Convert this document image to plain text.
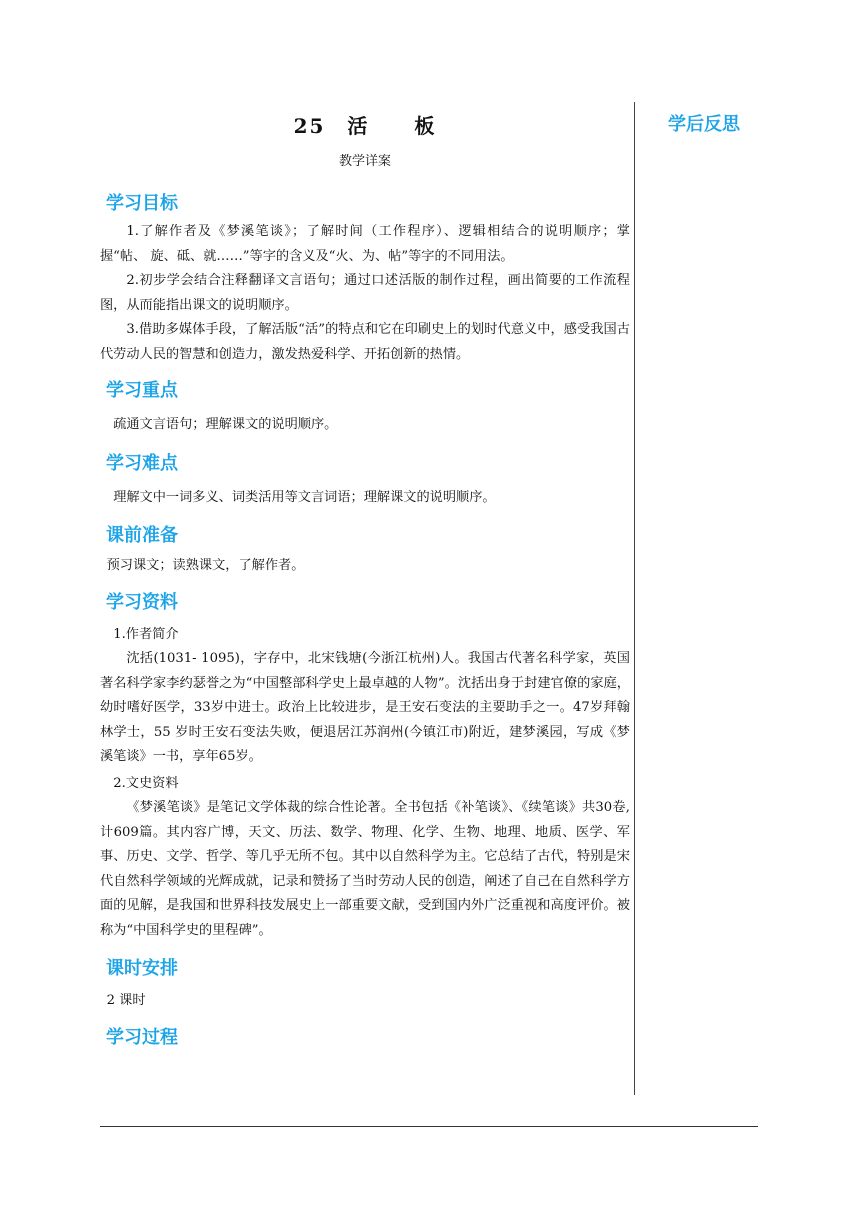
学后反思
25　活　 板

教学详案

学习目标

1.了解作者及《梦溪笔谈》；了解时间（工作程序）、逻辑相结合的说明顺序；掌握“帖、 旋、砥、就……”等字的含义及“火、为、帖”等字的不同用法。

2.初步学会结合注释翻译文言语句；通过口述活版的制作过程，画出简要的工作流程图，从而能指出课文的说明顺序。

3.借助多媒体手段，了解活版“活”的特点和它在印刷史上的划时代意义中，感受我国古代劳动人民的智慧和创造力，激发热爱科学、开拓创新的热情。

学习重点

疏通文言语句；理解课文的说明顺序。

学习难点

理解文中一词多义、词类活用等文言词语；理解课文的说明顺序。

课前准备

预习课文；读熟课文，了解作者。

学习资料

1.作者简介

沈括(1031- 1095)，字存中，北宋钱塘(今浙江杭州)人。我国古代著名科学家，英国著名科学家李约瑟誉之为“中国整部科学史上最卓越的人物”。沈括出身于封建官僚的家庭，幼时嗜好医学，33岁中进士。政治上比较进步，是王安石变法的主要助手之一。47岁拜翰林学士，55 岁时王安石变法失败，便退居江苏润州(今镇江市)附近，建梦溪园，写成《梦溪笔谈》一书，享年65岁。

2.文史资料

《梦溪笔谈》是笔记文学体裁的综合性论著。全书包括《补笔谈》、《续笔谈》共30卷,计609篇。其内容广博，天文、历法、数学、物理、化学、生物、地理、地质、医学、军事、历史、文学、哲学、等几乎无所不包。其中以自然科学为主。它总结了古代，特别是宋代自然科学领域的光辉成就，记录和赞扬了当时劳动人民的创造，阐述了自己在自然科学方面的见解，是我国和世界科技发展史上一部重要文献，受到国内外广泛重视和高度评价。被称为“中国科学史的里程碑”。

课时安排

2 课时

学习过程
